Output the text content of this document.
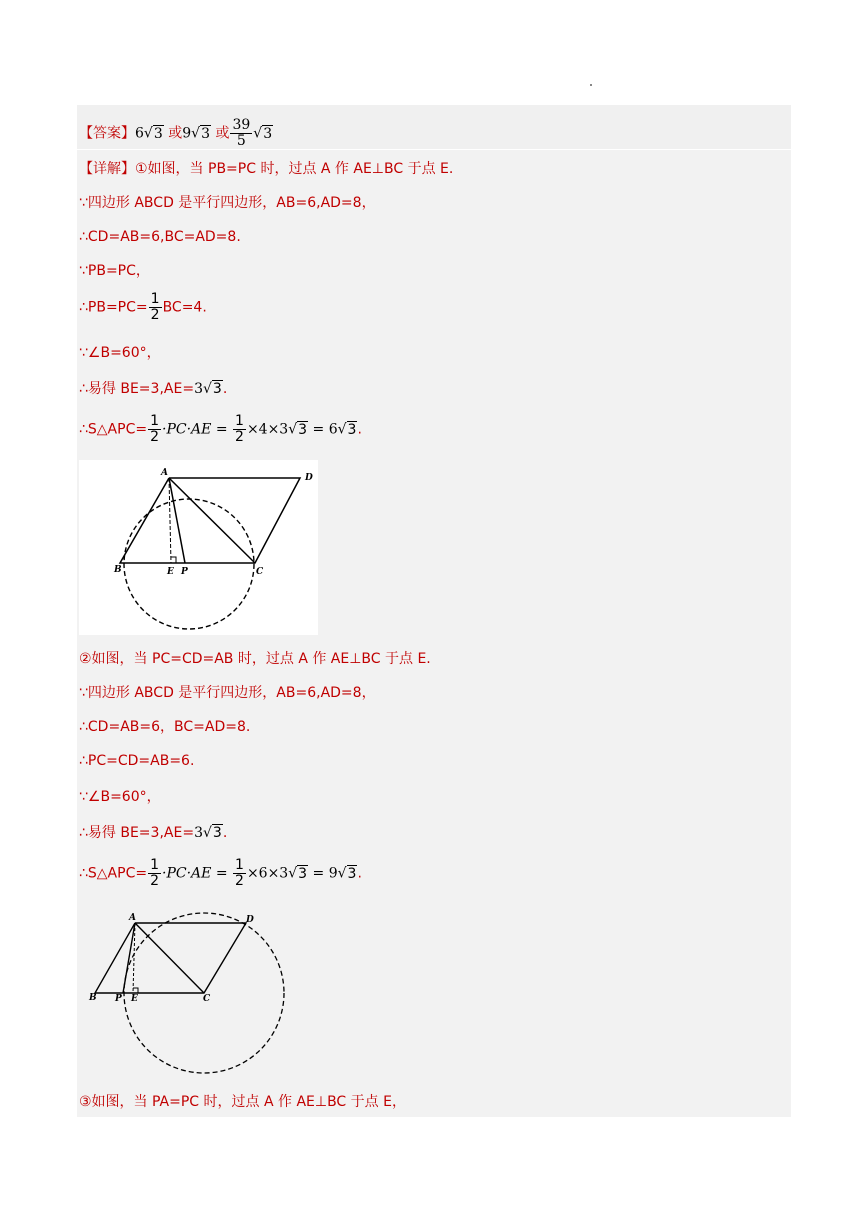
【答案】6√3 或9√3 或 $\frac{39}{5} √3$
【详解】①如图，当 PB=PC 时，过点 A 作 AE⊥BC 于点 E.
∵四边形 ABCD 是平行四边形，AB=6,AD=8，
∴CD=AB=6,BC=AD=8.
∵PB=PC，
∴PB=PC= $\frac{1}{2} BC=4$.
∵∠B=60°，
∴易得 BE=3,AE=3√3.
∴S△APC= $\frac{1}{2} \cdot PC\cdot AE = \frac{1}{2} \times 4\times 3√3 = 6√3$.
A	D
B	E P	C
②如图，当 PC=CD=AB 时，过点 A 作 AE⊥BC 于点 E.
∵四边形 ABCD 是平行四边形，AB=6,AD=8，
∴CD=AB=6，BC=AD=8.
∴PC=CD=AB=6.
∵∠B=60°，
∴易得 BE=3,AE=3√3.
∴S△APC= $\frac{1}{2} \cdot PC\cdot AE = \frac{1}{2} \times 6\times 3√3 = 9√3$.
A	D
B P E	C
③如图，当 PA=PC 时，过点 A 作 AE⊥BC 于点 E，
